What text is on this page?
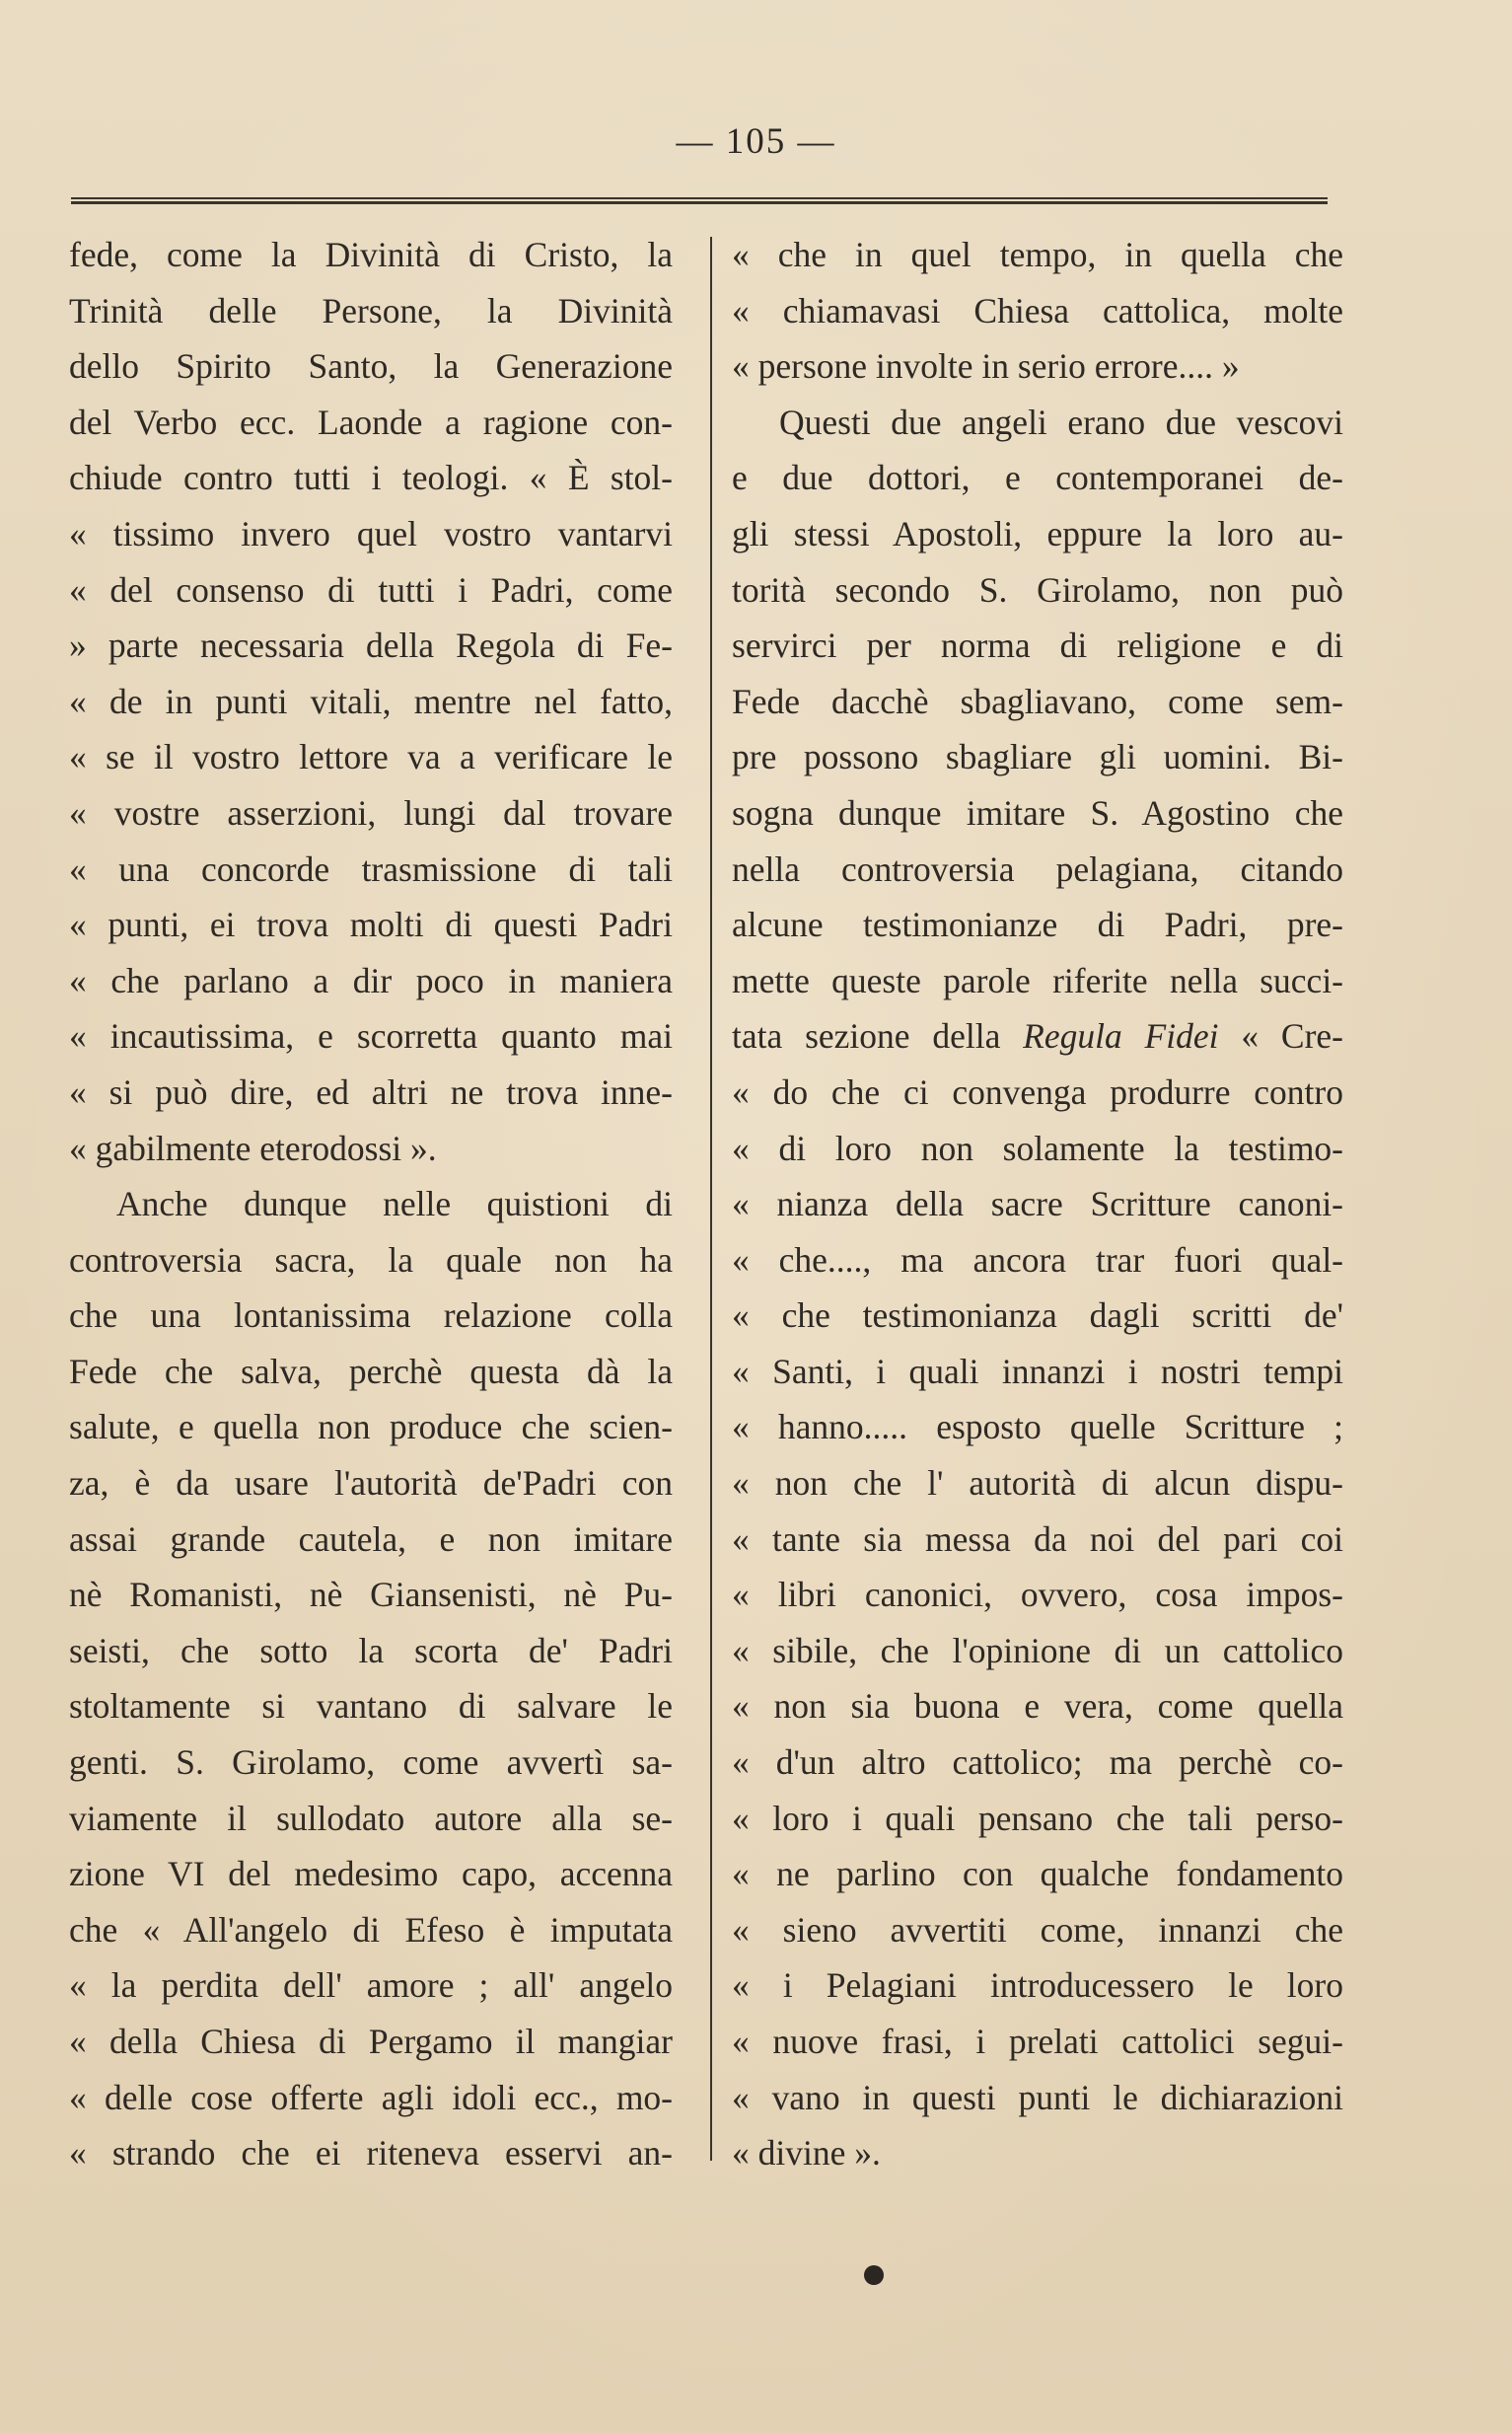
— 105 —
fede, come la Divinità di Cristo, la
Trinità delle Persone, la Divinità
dello Spirito Santo, la Generazione
del Verbo ecc. Laonde a ragione con-
chiude contro tutti i teologi. « È stol-
« tissimo invero quel vostro vantarvi
« del consenso di tutti i Padri, come
» parte necessaria della Regola di Fe-
« de in punti vitali, mentre nel fatto,
« se il vostro lettore va a verificare le
« vostre asserzioni, lungi dal trovare
« una concorde trasmissione di tali
« punti, ei trova molti di questi Padri
« che parlano a dir poco in maniera
« incautissima, e scorretta quanto mai
« si può dire, ed altri ne trova inne-
« gabilmente eterodossi ».
Anche dunque nelle quistioni di
controversia sacra, la quale non ha
che una lontanissima relazione colla
Fede che salva, perchè questa dà la
salute, e quella non produce che scien-
za, è da usare l'autorità de'Padri con
assai grande cautela, e non imitare
nè Romanisti, nè Giansenisti, nè Pu-
seisti, che sotto la scorta de' Padri
stoltamente si vantano di salvare le
genti. S. Girolamo, come avvertì sa-
viamente il sullodato autore alla se-
zione VI del medesimo capo, accenna
che « All'angelo di Efeso è imputata
« la perdita dell' amore ; all' angelo
« della Chiesa di Pergamo il mangiar
« delle cose offerte agli idoli ecc., mo-
« strando che ei riteneva esservi an-
« che in quel tempo, in quella che
« chiamavasi Chiesa cattolica, molte
« persone involte in serio errore.... »
Questi due angeli erano due vescovi
e due dottori, e contemporanei de-
gli stessi Apostoli, eppure la loro au-
torità secondo S. Girolamo, non può
servirci per norma di religione e di
Fede dacchè sbagliavano, come sem-
pre possono sbagliare gli uomini. Bi-
sogna dunque imitare S. Agostino che
nella controversia pelagiana, citando
alcune testimonianze di Padri, pre-
mette queste parole riferite nella succi-
tata sezione della Regula Fidei « Cre-
« do che ci convenga produrre contro
« di loro non solamente la testimo-
« nianza della sacre Scritture canoni-
« che...., ma ancora trar fuori qual-
« che testimonianza dagli scritti de'
« Santi, i quali innanzi i nostri tempi
« hanno..... esposto quelle Scritture ;
« non che l' autorità di alcun dispu-
« tante sia messa da noi del pari coi
« libri canonici, ovvero, cosa impos-
« sibile, che l'opinione di un cattolico
« non sia buona e vera, come quella
« d'un altro cattolico; ma perchè co-
« loro i quali pensano che tali perso-
« ne parlino con qualche fondamento
« sieno avvertiti come, innanzi che
« i Pelagiani introducessero le loro
« nuove frasi, i prelati cattolici segui-
« vano in questi punti le dichiarazioni
« divine ».
